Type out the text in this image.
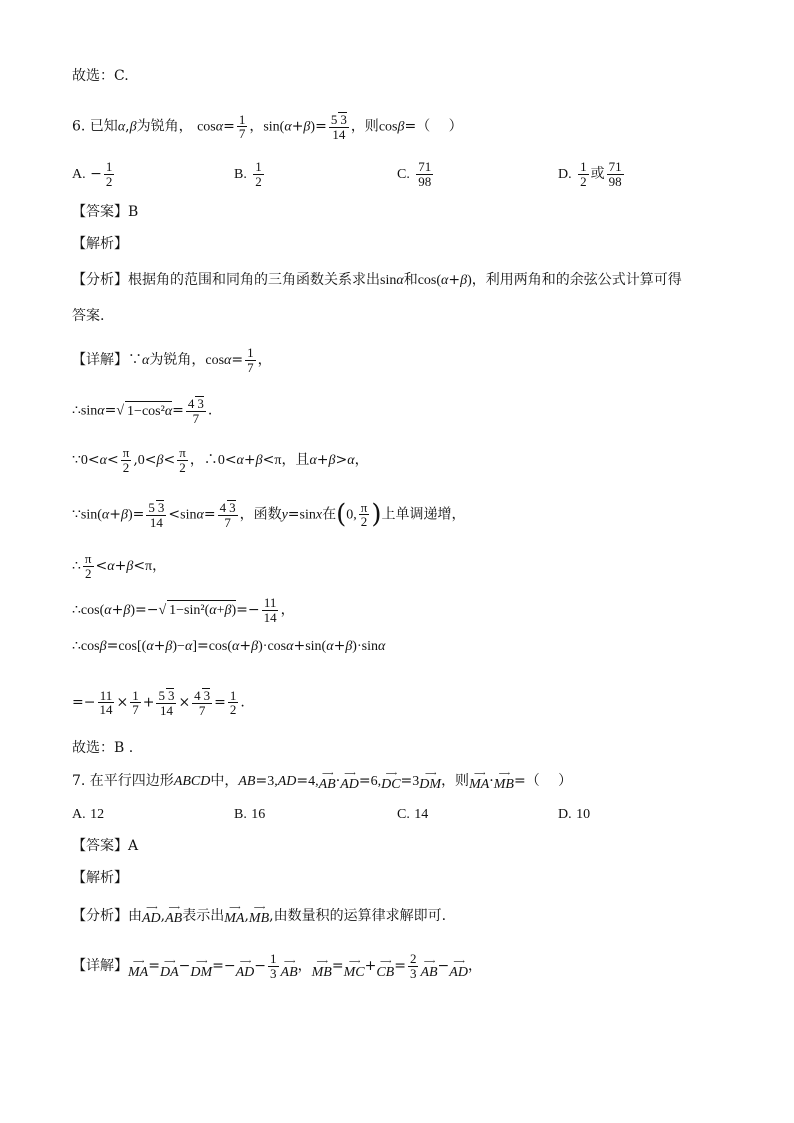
故选：C.
6. 已知α,β为锐角， $\cos\alpha= \frac{1}{7}$ ，$\sin(\alpha+\beta)= \frac{5 3}{14}$ ，则cosβ=（　 ）
A. − $\frac{1}{2}$	B. $\frac{1}{2}$	C. $\frac{71}{98}$	D. $\frac{1}{2}$ 或 $\frac{71}{98}$
【答案】B
【解析】
【分析】根据角的范围和同角的三角函数关系求出sinα和cos(α+β)，利用两角和的余弦公式计算可得
答案.
【详解】∵α为锐角，$\cos\alpha= \frac{1}{7}$ ，
∴sinα=√ $1-\cos^2\alpha= \frac{4 3}{7}$ .
∵0<α< $\frac{\pi}{2} ,0<\beta< \frac{\pi}{2}$ ，∴0<α+β<π，且α+β>α，
∵sin(α+β)= $\frac{5 3}{14} <\sin\alpha= \frac{4 3}{7}$ ，函数y=sinx在(0, $\frac{\pi}{2}$ )上单调递增，
∴ $\frac{\pi}{2} <\alpha+\beta<\pi$，
∴cos(α+β)=−√ $1-\sin^2(\alpha+\beta)=- \frac{11}{14}$ ，
∴cosβ=cos[(α+β)−α]=cos(α+β)·cosα+sin(α+β)·sinα
=− $\frac{11}{14} \times \frac{1}{7} + \frac{5 3}{14} \times \frac{4 3}{7} = \frac{1}{2}$ .
故选：B .
7. 在平行四边形ABCD中，AB=3,AD=4,
⟶
AB · ⟶
AD =6,
⟶
DC =3
⟶
DM ，则 ⟶
MA · ⟶
MB =（　 ）
A. 12	B. 16	C. 14	D. 10
【答案】A
【解析】
【分析】由
⟶
AD ,
⟶
AB 表示出
⟶
MA ,
⟶
MB ,由数量积的运算律求解即可.
【详解】 ⟶
MA = ⟶
DA − ⟶
DM =− ⟶
AD − $\frac{1}{3}$ ⟶
AB ， ⟶
MB = ⟶
MC + ⟶
CB = $\frac{2}{3}$ ⟶
AB − ⟶
AD ，
